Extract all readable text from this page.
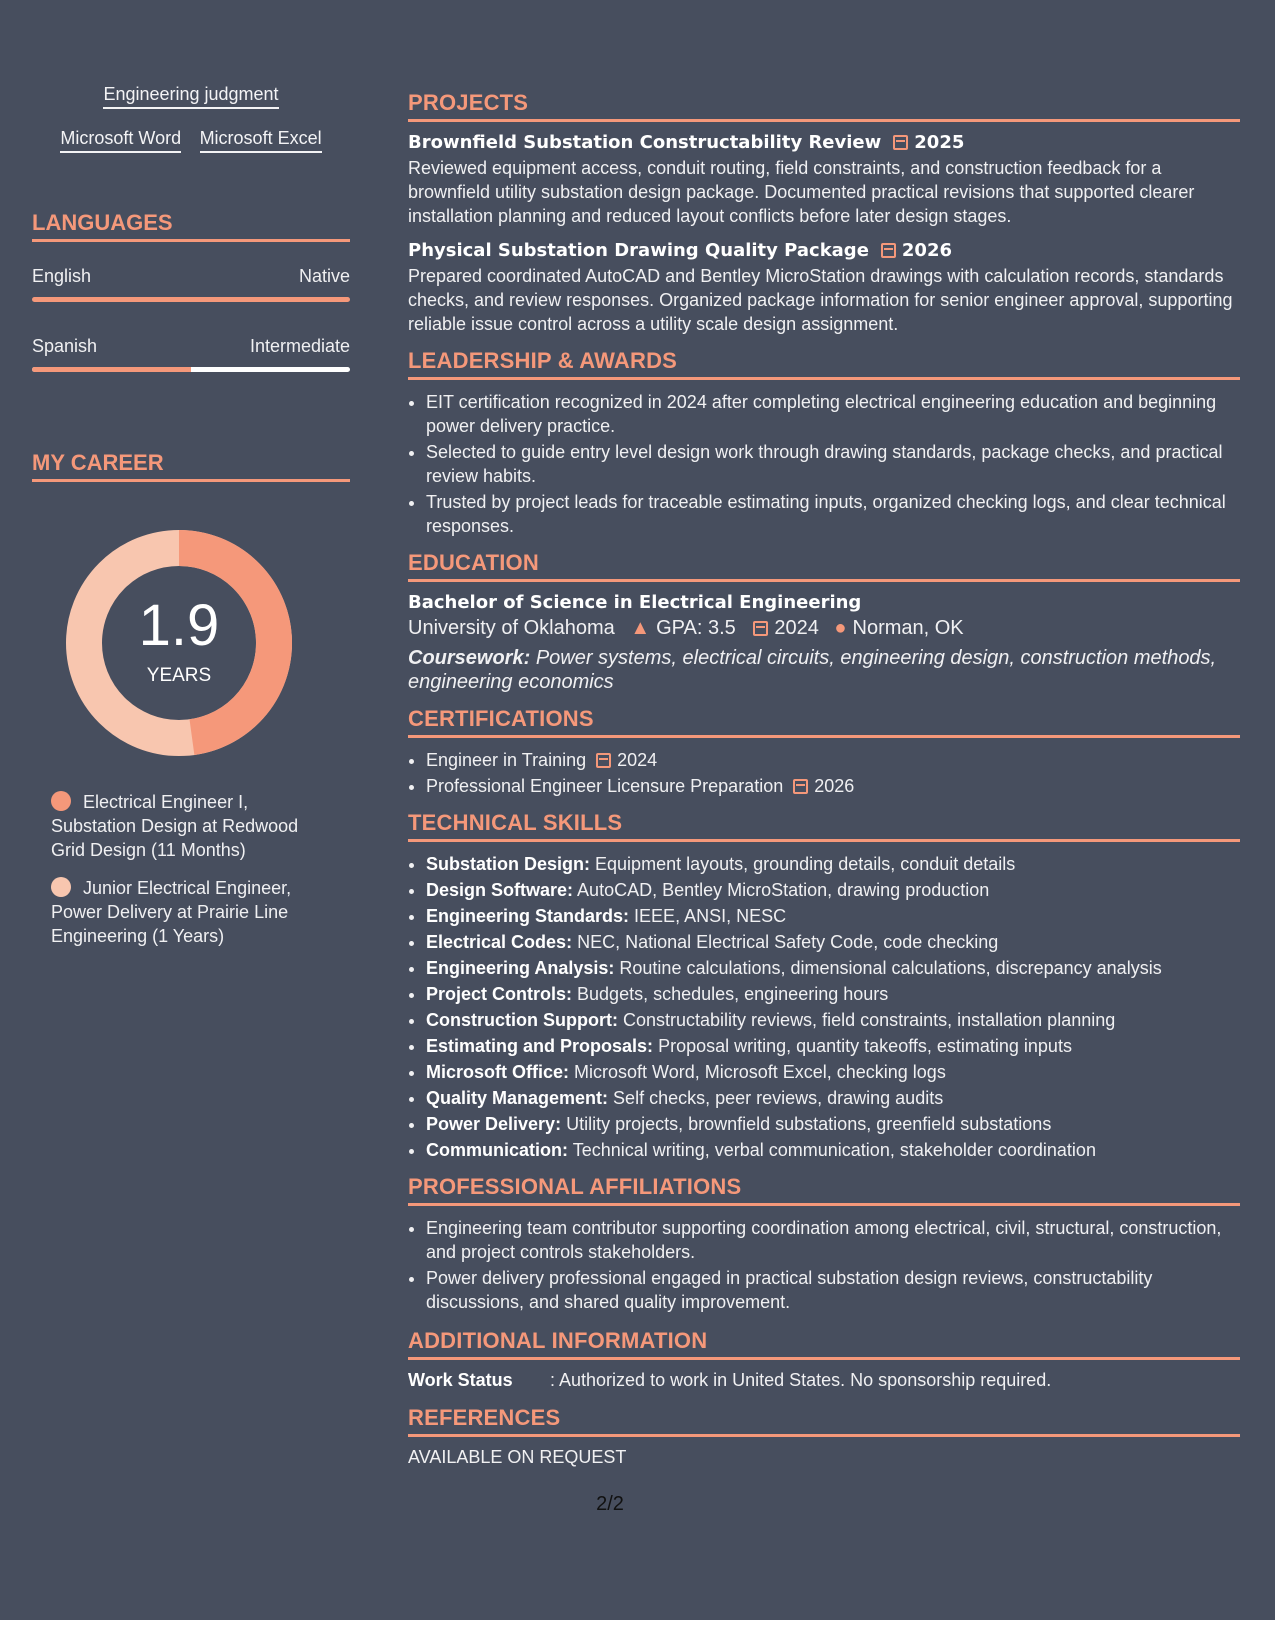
Engineering judgment
Microsoft Word Microsoft Excel
LANGUAGES
English	Native
Spanish	Intermediate
MY CAREER
1.9
YEARS
Electrical Engineer I, Substation Design at Redwood Grid Design (11 Months)
Junior Electrical Engineer, Power Delivery at Prairie Line Engineering (1 Years)
PROJECTS
Brownfield Substation Constructability Review 2025

Reviewed equipment access, conduit routing, field constraints, and construction feedback for a brownfield utility substation design package. Documented practical revisions that supported clearer installation planning and reduced layout conflicts before later design stages.

Physical Substation Drawing Quality Package 2026

Prepared coordinated AutoCAD and Bentley MicroStation drawings with calculation records, standards checks, and review responses. Organized package information for senior engineer approval, supporting reliable issue control across a utility scale design assignment.

LEADERSHIP & AWARDS
• EIT certification recognized in 2024 after completing electrical engineering education and beginning power delivery practice.
• Selected to guide entry level design work through drawing standards, package checks, and practical review habits.
• Trusted by project leads for traceable estimating inputs, organized checking logs, and clear technical responses.
EDUCATION
Bachelor of Science in Electrical Engineering
University of Oklahoma ▲ GPA: 3.5 2024 ● Norman, OK
Coursework: Power systems, electrical circuits, engineering design, construction methods, engineering economics
CERTIFICATIONS
• Engineer in Training 2024
• Professional Engineer Licensure Preparation 2026
TECHNICAL SKILLS
• Substation Design: Equipment layouts, grounding details, conduit details
• Design Software: AutoCAD, Bentley MicroStation, drawing production
• Engineering Standards: IEEE, ANSI, NESC
• Electrical Codes: NEC, National Electrical Safety Code, code checking
• Engineering Analysis: Routine calculations, dimensional calculations, discrepancy analysis
• Project Controls: Budgets, schedules, engineering hours
• Construction Support: Constructability reviews, field constraints, installation planning
• Estimating and Proposals: Proposal writing, quantity takeoffs, estimating inputs
• Microsoft Office: Microsoft Word, Microsoft Excel, checking logs
• Quality Management: Self checks, peer reviews, drawing audits
• Power Delivery: Utility projects, brownfield substations, greenfield substations
• Communication: Technical writing, verbal communication, stakeholder coordination
PROFESSIONAL AFFILIATIONS
• Engineering team contributor supporting coordination among electrical, civil, structural, construction, and project controls stakeholders.
• Power delivery professional engaged in practical substation design reviews, constructability discussions, and shared quality improvement.
ADDITIONAL INFORMATION
Work Status	: Authorized to work in United States. No sponsorship required.
REFERENCES
AVAILABLE ON REQUEST
2/2
